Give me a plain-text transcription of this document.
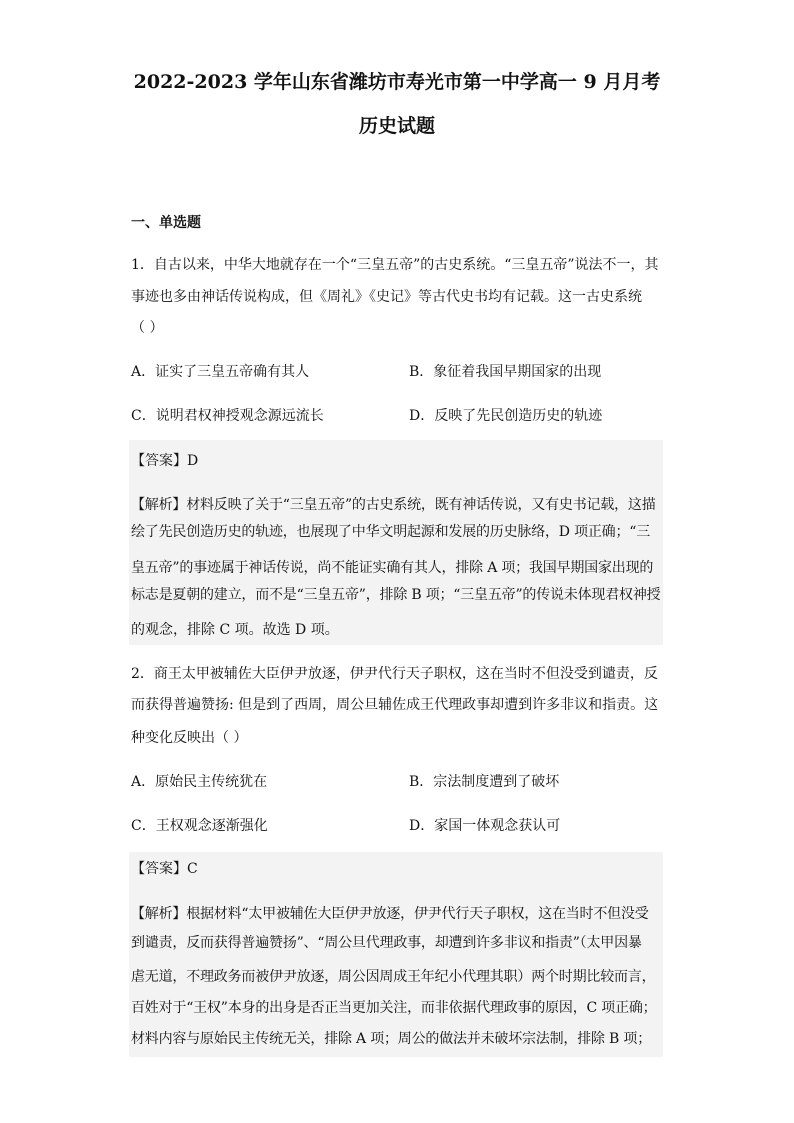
2022-2023 学年山东省潍坊市寿光市第一中学高一 9 月月考
历史试题
一、单选题
1．自古以来，中华大地就存在一个“三皇五帝”的古史系统。“三皇五帝”说法不一，其
事迹也多由神话传说构成，但《周礼》《史记》等古代史书均有记载。这一古史系统
（ ）
A．证实了三皇五帝确有其人	B．象征着我国早期国家的出现
C．说明君权神授观念源远流长	D．反映了先民创造历史的轨迹
【答案】D
【解析】材料反映了关于“三皇五帝”的古史系统，既有神话传说，又有史书记载，这描
绘了先民创造历史的轨迹，也展现了中华文明起源和发展的历史脉络，D 项正确；“三
皇五帝”的事迹属于神话传说，尚不能证实确有其人，排除 A 项；我国早期国家出现的
标志是夏朝的建立，而不是“三皇五帝”，排除 B 项；“三皇五帝”的传说未体现君权神授
的观念，排除 C 项。故选 D 项。
2．商王太甲被辅佐大臣伊尹放逐，伊尹代行天子职权，这在当时不但没受到谴责，反
而获得普遍赞扬: 但是到了西周，周公旦辅佐成王代理政事却遭到许多非议和指责。这
种变化反映出（ ）
A．原始民主传统犹在	B．宗法制度遭到了破坏
C．王权观念逐渐强化	D．家国一体观念获认可
【答案】C
【解析】根据材料“太甲被辅佐大臣伊尹放逐，伊尹代行天子职权，这在当时不但没受
到谴责，反而获得普遍赞扬”、“周公旦代理政事，却遭到许多非议和指责”（太甲因暴
虐无道，不理政务而被伊尹放逐，周公因周成王年纪小代理其职）两个时期比较而言，
百姓对于“王权”本身的出身是否正当更加关注，而非依据代理政事的原因，C 项正确；
材料内容与原始民主传统无关，排除 A 项；周公的做法并未破坏宗法制，排除 B 项；
